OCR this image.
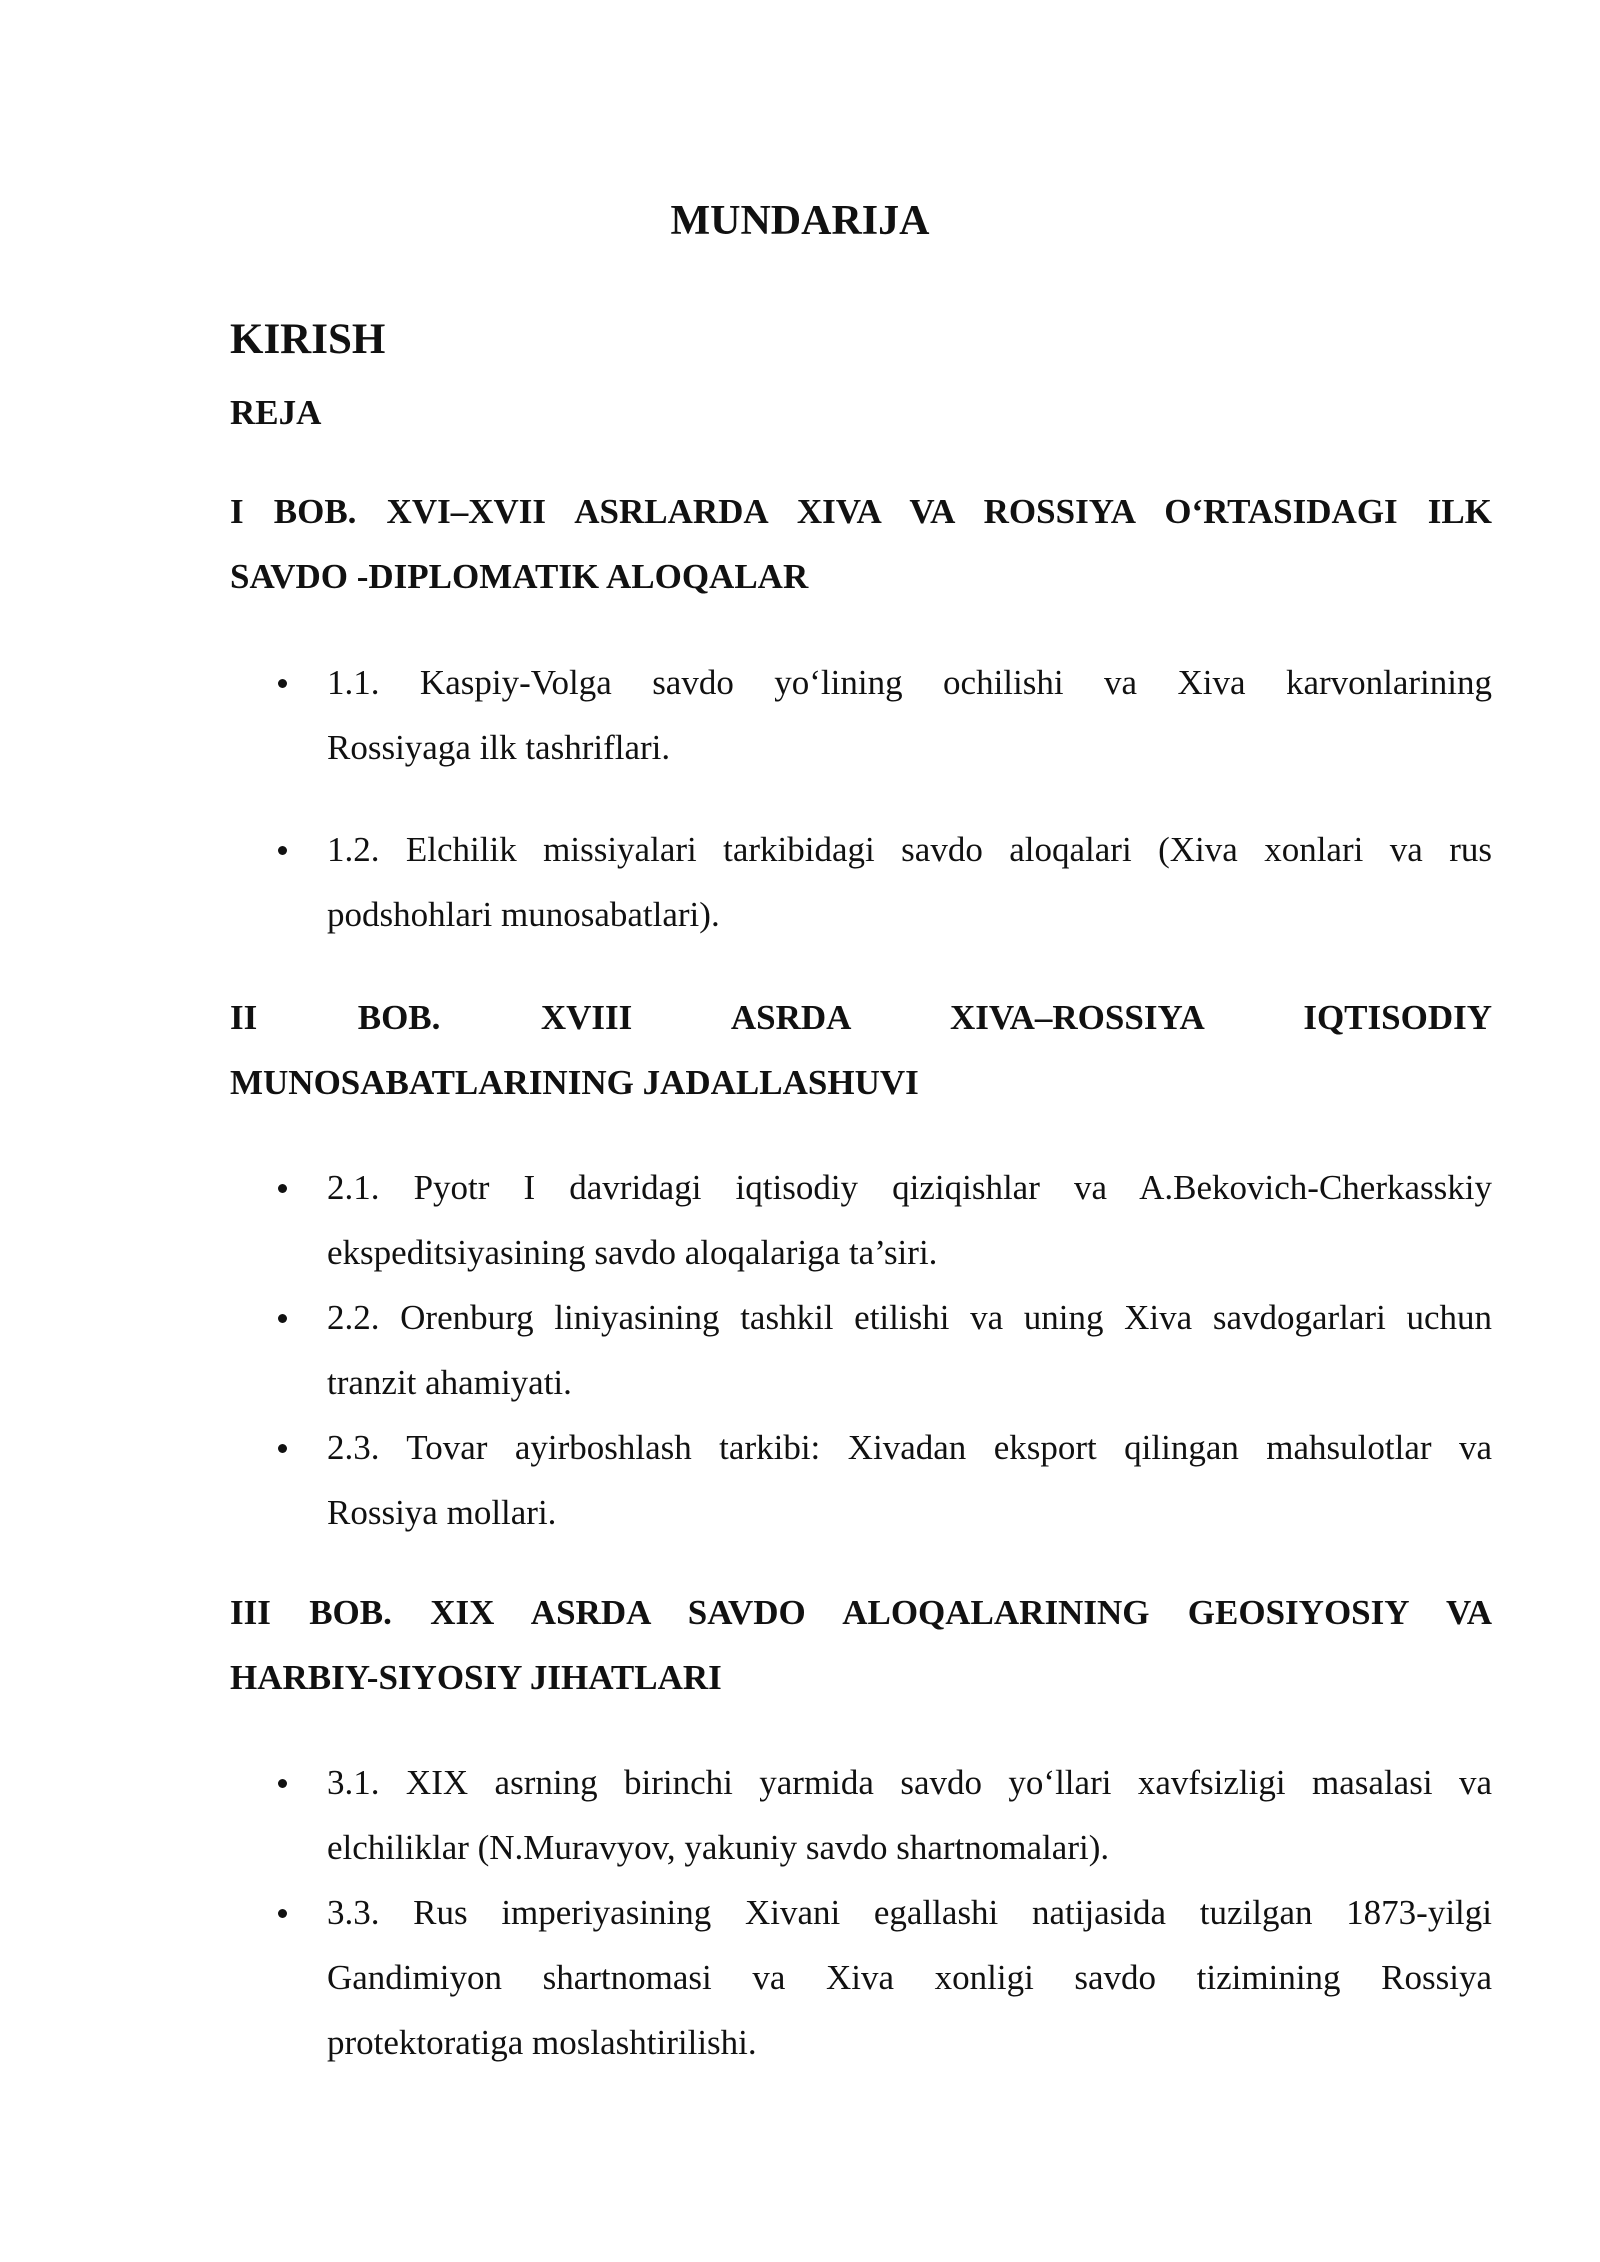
MUNDARIJA
KIRISH
REJA
I BOB. XVI–XVII ASRLARDA XIVA VA ROSSIYA O‘RTASIDAGI ILK
SAVDO -DIPLOMATIK ALOQALAR
1.1. Kaspiy-Volga savdo yo‘lining ochilishi va Xiva karvonlarining
Rossiyaga ilk tashriflari.
1.2. Elchilik missiyalari tarkibidagi savdo aloqalari (Xiva xonlari va rus
podshohlari munosabatlari).
II BOB. XVIII ASRDA XIVA–ROSSIYA IQTISODIY
MUNOSABATLARINING JADALLASHUVI
2.1. Pyotr I davridagi iqtisodiy qiziqishlar va A.Bekovich-Cherkasskiy
ekspeditsiyasining savdo aloqalariga ta’siri.
2.2. Orenburg liniyasining tashkil etilishi va uning Xiva savdogarlari uchun
tranzit ahamiyati.
2.3. Tovar ayirboshlash tarkibi: Xivadan eksport qilingan mahsulotlar va
Rossiya mollari.
III BOB. XIX ASRDA SAVDO ALOQALARINING GEOSIYOSIY VA
HARBIY-SIYOSIY JIHATLARI
3.1. XIX asrning birinchi yarmida savdo yo‘llari xavfsizligi masalasi va
elchiliklar (N.Muravyov, yakuniy savdo shartnomalari).
3.3. Rus imperiyasining Xivani egallashi natijasida tuzilgan 1873-yilgi
Gandimiyon shartnomasi va Xiva xonligi savdo tizimining Rossiya
protektoratiga moslashtirilishi.
